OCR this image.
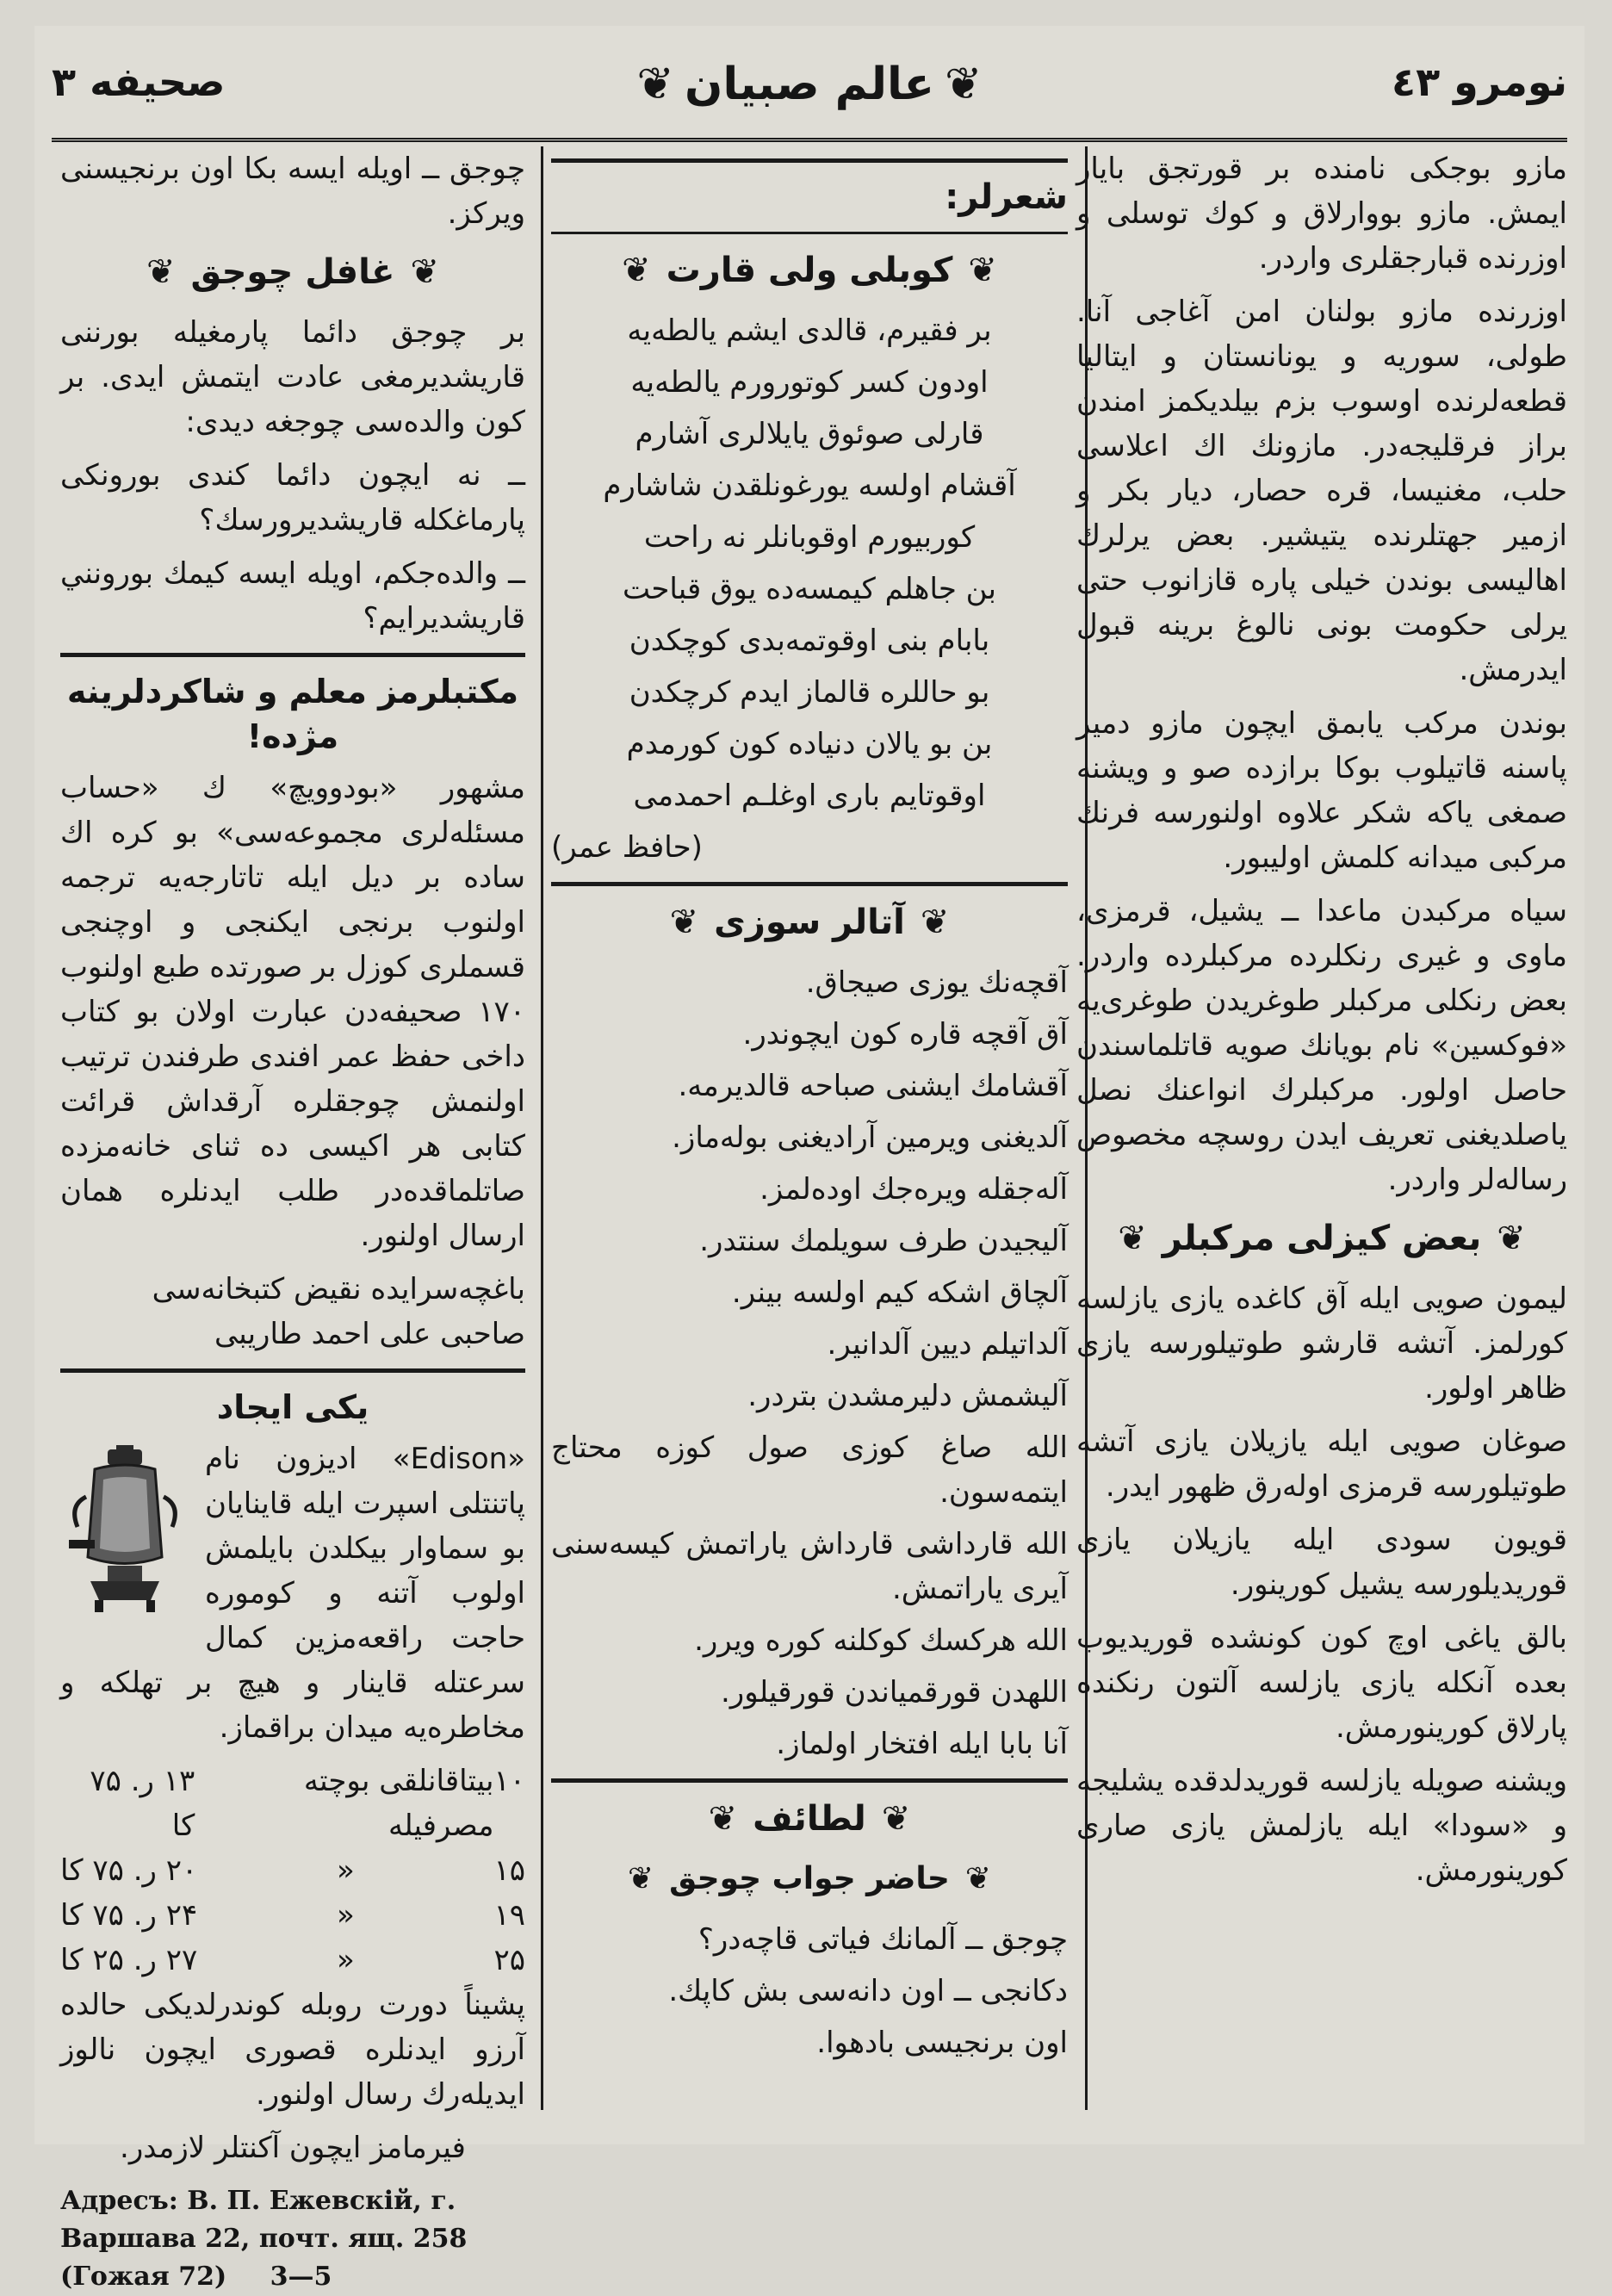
نومرو ٤٣
❦عالم صبیان❦
صحیفه ۳

مازو بوجکی نامنده بر قورتجق بایار ایمش. مازو بووارلاق و کوك توسلی و اوزرنده قبارجقلری واردر.

اوزرنده مازو بولنان امن آغاجی آنا. طولی، سوریه و یونانستان و ایتالیا قطعه‌لرنده اوسوب بزم بیلدیکمز امندن براز فرقلیجه‌در. مازونك اك اعلاسی حلب، مغنیسا، قره حصار، دیار بکر و ازمیر جهتلرنده یتیشیر. بعض یرلرك اهالیسی بوندن خیلی پاره قازانوب حتی یرلی حکومت بونی نالوغ برینه قبول ایدرمش.

بوندن مرکب یابمق ایچون مازو دمیر پاسنه قاتیلوب بوکا برازده صو و ویشنه صمغی یاکه شکر علاوه اولنورسه فرنك مرکبی میدانه کلمش اولیبور.

سیاه مرکبدن ماعدا ــ یشیل، قرمزی، ماوی و غیری رنکلرده مرکبلرده واردر. بعض رنکلی مرکبلر طوغریدن طوغری‌یه «فوکسین» نام بویانك صویه قاتلماسندن حاصل اولور. مرکبلرك انواعنك نصل یاصلدیغنی تعریف ایدن روسچه مخصوص رساله‌لر واردر.

❦بعض کیزلی مرکبلر❦

لیمون صویی ایله آق کاغده یازی یازلسه کورلمز. آتشه قارشو طوتیلورسه یازی ظاهر اولور.

صوغان صویی ایله یازیلان یازی آتشه طوتیلورسه قرمزی اوله‌رق ظهور ایدر.

قویون سودی ایله یازیلان یازی قوریدیلورسه یشیل کورینور.

بالق یاغی اوچ کون کونشده قوریدیوب بعده آنکله یازی یازلسه آلتون رنکنده پارلاق کورینورمش.

ویشنه صویله یازلسه قوریدلدقده یشلیجه و «سودا» ایله یازلمش یازی صاری کورینورمش.

شعرلر:
❦کوبلی ولی قارت❦

بر فقیرم، قالدی ایشم یالطه‌یه

اودون کسر کوتورورم یالطه‌یه

قارلی صوئوق یایلالری آشارم

آقشام اولسه یورغونلقدن شاشارم

کوربیورم اوقوبانلر نه راحت

بن جاهلم کیمسه‌ده یوق قباحت

بابام بنی اوقوتمه‌بدی کوچکدن

بو حاللره قالماز ایدم کرچکدن

بن بو یالان دنیاده کون کورمدم

اوقوتایم باری اوغلـم احمدمی

(حافظ عمر)
❦آتالر سوزی❦

آقچه‌نك یوزی صیجاق.

آق آقچه قاره کون ایچوندر.

آقشامك ایشنی صباحه قالدیرمه.

آلدیغنی ویرمین آرادیغنی بوله‌ماز.

آله‌جقله ویره‌جك اوده‌لمز.

آلیجیدن طرف سویلمك سنتدر.

آلچاق اشکه کیم اولسه بینر.

آلداتیلم دیین آلدانیر.

آلیشمش دلیرمشدن بتردر.

الله صاغ کوزی صول کوزه محتاج ایتمه‌سون.

الله قارداشی قارداش یاراتمش کیسه‌سنی آیری یاراتمش.

الله هرکسك کوکلنه کوره ویرر.

اللهدن قورقمیاندن قورقیلور.

آنا بابا ایله افتخار اولماز.

❦لطائف❦
❦حاضر جواب چوجق❦

چوجق ــ آلمانك فیاتی قاچه‌در؟

دکانجی ــ اون دانه‌سی بش کاپك.

اون برنجیسی بادهوا.

چوجق ــ اویله ایسه بکا اون برنجیسنی ویرکز.

❦غافل چوجق❦

بر چوجق دائما پارمغیله بورننی قاریشدیرمغی عادت ایتمش ایدی. بر کون والده‌سی چوجغه دیدی:

ــ نه ایچون دائما کندی بورونکی پارماغکله قاریشدیرورسك؟

ــ والده‌جکم، اویله ایسه کیمك بورونني قاریشدیرایم؟

مکتبلرمز معلم و شاکردلرینه مژده!

مشهور «بودوویچ» ك «حساب مسئله‌لری مجموعه‌سی» بو کره اك ساده بر دیل ایله تاتارجه‌یه ترجمه اولنوب برنجی ایکنجی و اوچنجی قسملری کوزل بر صورتده طبع اولنوب ۱۷۰ صحیفه‌دن عبارت اولان بو کتاب داخی حفظ عمر افندی طرفندن ترتیب اولنمش چوجقلره آرقداش قرائت کتابی هر اکیسی ده ثنای خانه‌مزده صاتلماقده‌در طلب ایدنلره همان ارسال اولنور.

باغچه‌سرایده نقیض کتبخانه‌سی

صاحبی علی احمد طاریبی

یکی ایجاد

«Edison» ادیزون نام پاتنتلی اسپرت ایله قاینایان بو سماوار بیکلدن بایلمش اولوب آتنه و کوموره حاجت راقعه‌مزین کمال سرعتله قاینار و هیچ بر تهلکه و مخاطره‌یه میدان براقماز.

۱۰
بیتاقانلقی بوچته مصرفیله
۱۳ ر. ۷۵ کا
۱۵
«
۲۰ ر. ۷۵ کا
۱۹
«
۲۴ ر. ۷۵ کا
۲۵
«
۲۷ ر. ۲۵ کا

پشیناً دورت روبله کوندرلدیکی حالده آرزو ایدنلره قصوری ایچون نالوز ایدیله‌رك رسال اولنور.

فیرمامز ایچون آکنتلر لازمدر.

Адресъ: В. П. Ежевскій, г. Варшава 22, почт. ящ. 258 (Гожая 72) 3—5
